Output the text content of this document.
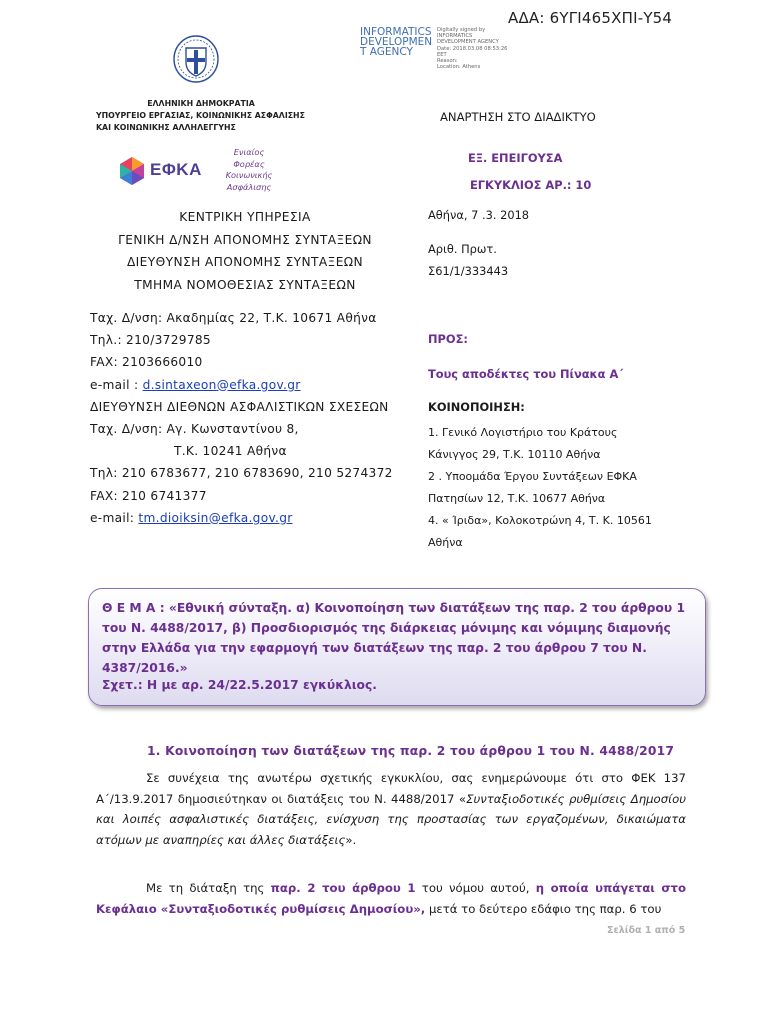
ΑΔΑ: 6ΥΓΙ465ΧΠΙ-Υ54
INFORMATICS
DEVELOPMEN
T AGENCY
Digitally signed by
INFORMATICS
DEVELOPMENT AGENCY
Date: 2018.03.08 08:53:26
EET
Reason:
Location: Athens
ΕΛΛΗΝΙΚΗ ΔΗΜΟΚΡΑΤΙΑ
ΥΠΟΥΡΓΕΙΟ ΕΡΓΑΣΙΑΣ, ΚΟΙΝΩΝΙΚΗΣ ΑΣΦΑΛΙΣΗΣ
ΚΑΙ ΚΟΙΝΩΝΙΚΗΣ ΑΛΛΗΛΕΓΓΥΗΣ
ΕΦΚΑ
Ενιαίος
Φορέας
Κοινωνικής
Ασφάλισης
ΚΕΝΤΡΙΚΗ ΥΠΗΡΕΣΙΑ
ΓΕΝΙΚΗ Δ/ΝΣΗ ΑΠΟΝΟΜΗΣ ΣΥΝΤΑΞΕΩΝ
ΔΙΕΥΘΥΝΣΗ ΑΠΟΝΟΜΗΣ ΣΥΝΤΑΞΕΩΝ
ΤΜΗΜΑ ΝΟΜΟΘΕΣΙΑΣ ΣΥΝΤΑΞΕΩΝ
Ταχ. Δ/νση: Ακαδημίας 22, Τ.Κ. 10671 Αθήνα
Τηλ.: 210/3729785
FAX: 2103666010
e-mail : d.sintaxeon@efka.gov.gr
ΔΙΕΥΘΥΝΣΗ ΔΙΕΘΝΩΝ ΑΣΦΑΛΙΣΤΙΚΩΝ ΣΧΕΣΕΩΝ
Ταχ. Δ/νση: Αγ. Κωνσταντίνου 8,
Τ.Κ. 10241 Αθήνα
Τηλ: 210 6783677, 210 6783690, 210 5274372
FAX: 210 6741377
e-mail: tm.dioiksin@efka.gov.gr
ΑΝΑΡΤΗΣΗ ΣΤΟ ΔΙΑΔΙΚΤΥΟ
ΕΞ. ΕΠΕΙΓΟΥΣΑ
ΕΓΚΥΚΛΙΟΣ ΑΡ.: 10
Αθήνα, 7 .3. 2018
Αριθ. Πρωτ.
Σ61/1/333443
ΠΡΟΣ:
Τους αποδέκτες του Πίνακα Α΄
ΚΟΙΝΟΠΟΙΗΣΗ:
1. Γενικό Λογιστήριο του Κράτους
Κάνιγγος 29, Τ.Κ. 10110 Αθήνα
2 . Υποομάδα Έργου Συντάξεων ΕΦΚΑ
Πατησίων 12, Τ.Κ. 10677 Αθήνα
4. « Ίριδα», Κολοκοτρώνη 4, Τ. Κ. 10561
Αθήνα
Θ Ε Μ Α : «Εθνική σύνταξη. α) Κοινοποίηση των διατάξεων της παρ. 2 του άρθρου 1 του Ν. 4488/2017, β) Προσδιορισμός της διάρκειας μόνιμης και νόμιμης διαμονής στην Ελλάδα για την εφαρμογή των διατάξεων της παρ. 2 του άρθρου 7 του Ν. 4387/2016.»
Σχετ.: Η με αρ. 24/22.5.2017 εγκύκλιος.
1. Κοινοποίηση των διατάξεων της παρ. 2 του άρθρου 1 του Ν. 4488/2017
Σε συνέχεια της ανωτέρω σχετικής εγκυκλίου, σας ενημερώνουμε ότι στο ΦΕΚ 137 Α΄/13.9.2017 δημοσιεύτηκαν οι διατάξεις του Ν. 4488/2017 «Συνταξιοδοτικές ρυθμίσεις Δημοσίου και λοιπές ασφαλιστικές διατάξεις, ενίσχυση της προστασίας των εργαζομένων, δικαιώματα ατόμων με αναπηρίες και άλλες διατάξεις».
Με τη διάταξη της παρ. 2 του άρθρου 1 του νόμου αυτού, η οποία υπάγεται στο Κεφάλαιο «Συνταξιοδοτικές ρυθμίσεις Δημοσίου», μετά το δεύτερο εδάφιο της παρ. 6 του
Σελίδα 1 από 5
